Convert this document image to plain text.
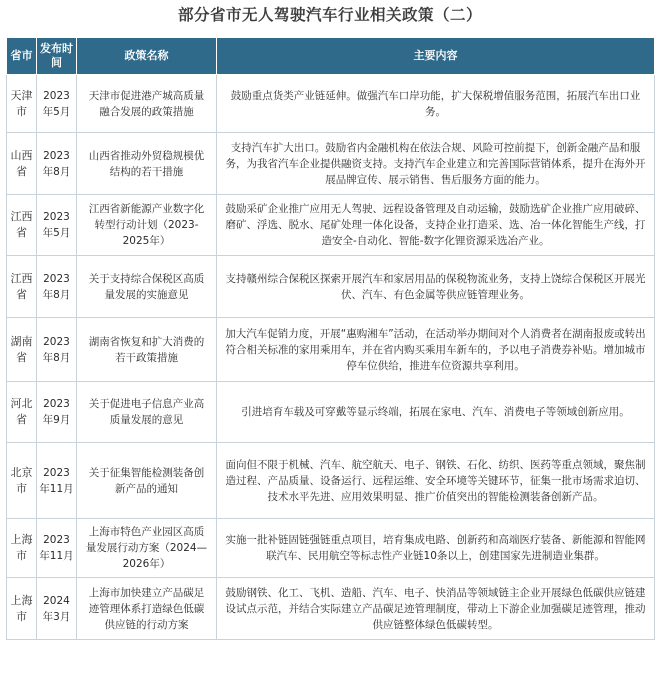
部分省市无人驾驶汽车行业相关政策（二）
省市	发布时间	政策名称	主要内容
天津市	2023年5月	天津市促进港产城高质量融合发展的政策措施	鼓励重点货类产业链延伸。做强汽车口岸功能，扩大保税增值服务范围，拓展汽车出口业务。
山西省	2023年8月	山西省推动外贸稳规模优结构的若干措施	支持汽车扩大出口。鼓励省内金融机构在依法合规、风险可控前提下，创新金融产品和服务，为我省汽车企业提供融资支持。支持汽车企业建立和完善国际营销体系，提升在海外开展品牌宣传、展示销售、售后服务方面的能力。
江西省	2023年5月	江西省新能源产业数字化转型行动计划（2023-2025年）	鼓励采矿企业推广应用无人驾驶、远程设备管理及自动运输，鼓励选矿企业推广应用破碎、磨矿、浮选、脱水、尾矿处理一体化设备，支持企业打造采、选、冶一体化智能生产线，打造安全-自动化、智能-数字化锂资源采选冶产业。
江西省	2023年8月	关于支持综合保税区高质量发展的实施意见	支持赣州综合保税区探索开展汽车和家居用品的保税物流业务，支持上饶综合保税区开展光伏、汽车、有色金属等供应链管理业务。
湖南省	2023年8月	湖南省恢复和扩大消费的若干政策措施	加大汽车促销力度，开展“惠购湘车”活动，在活动举办期间对个人消费者在湖南报废或转出符合相关标准的家用乘用车，并在省内购买乘用车新车的，予以电子消费券补贴。增加城市停车位供给，推进车位资源共享利用。
河北省	2023年9月	关于促进电子信息产业高质量发展的意见	引进培育车载及可穿戴等显示终端，拓展在家电、汽车、消费电子等领域创新应用。
北京市	2023年11月	关于征集智能检测装备创新产品的通知	面向但不限于机械、汽车、航空航天、电子、钢铁、石化、纺织、医药等重点领域，聚焦制造过程、产品质量、设备运行、远程运维、安全环境等关键环节，征集一批市场需求迫切、技术水平先进、应用效果明显、推广价值突出的智能检测装备创新产品。
上海市	2023年11月	上海市特色产业园区高质量发展行动方案（2024—2026年）	实施一批补链固链强链重点项目，培育集成电路、创新药和高端医疗装备、新能源和智能网联汽车、民用航空等标志性产业链10条以上，创建国家先进制造业集群。
上海市	2024年3月	上海市加快建立产品碳足迹管理体系打造绿色低碳供应链的行动方案	鼓励钢铁、化工、飞机、造船、汽车、电子、快消品等领域链主企业开展绿色低碳供应链建设试点示范，并结合实际建立产品碳足迹管理制度，带动上下游企业加强碳足迹管理，推动供应链整体绿色低碳转型。
